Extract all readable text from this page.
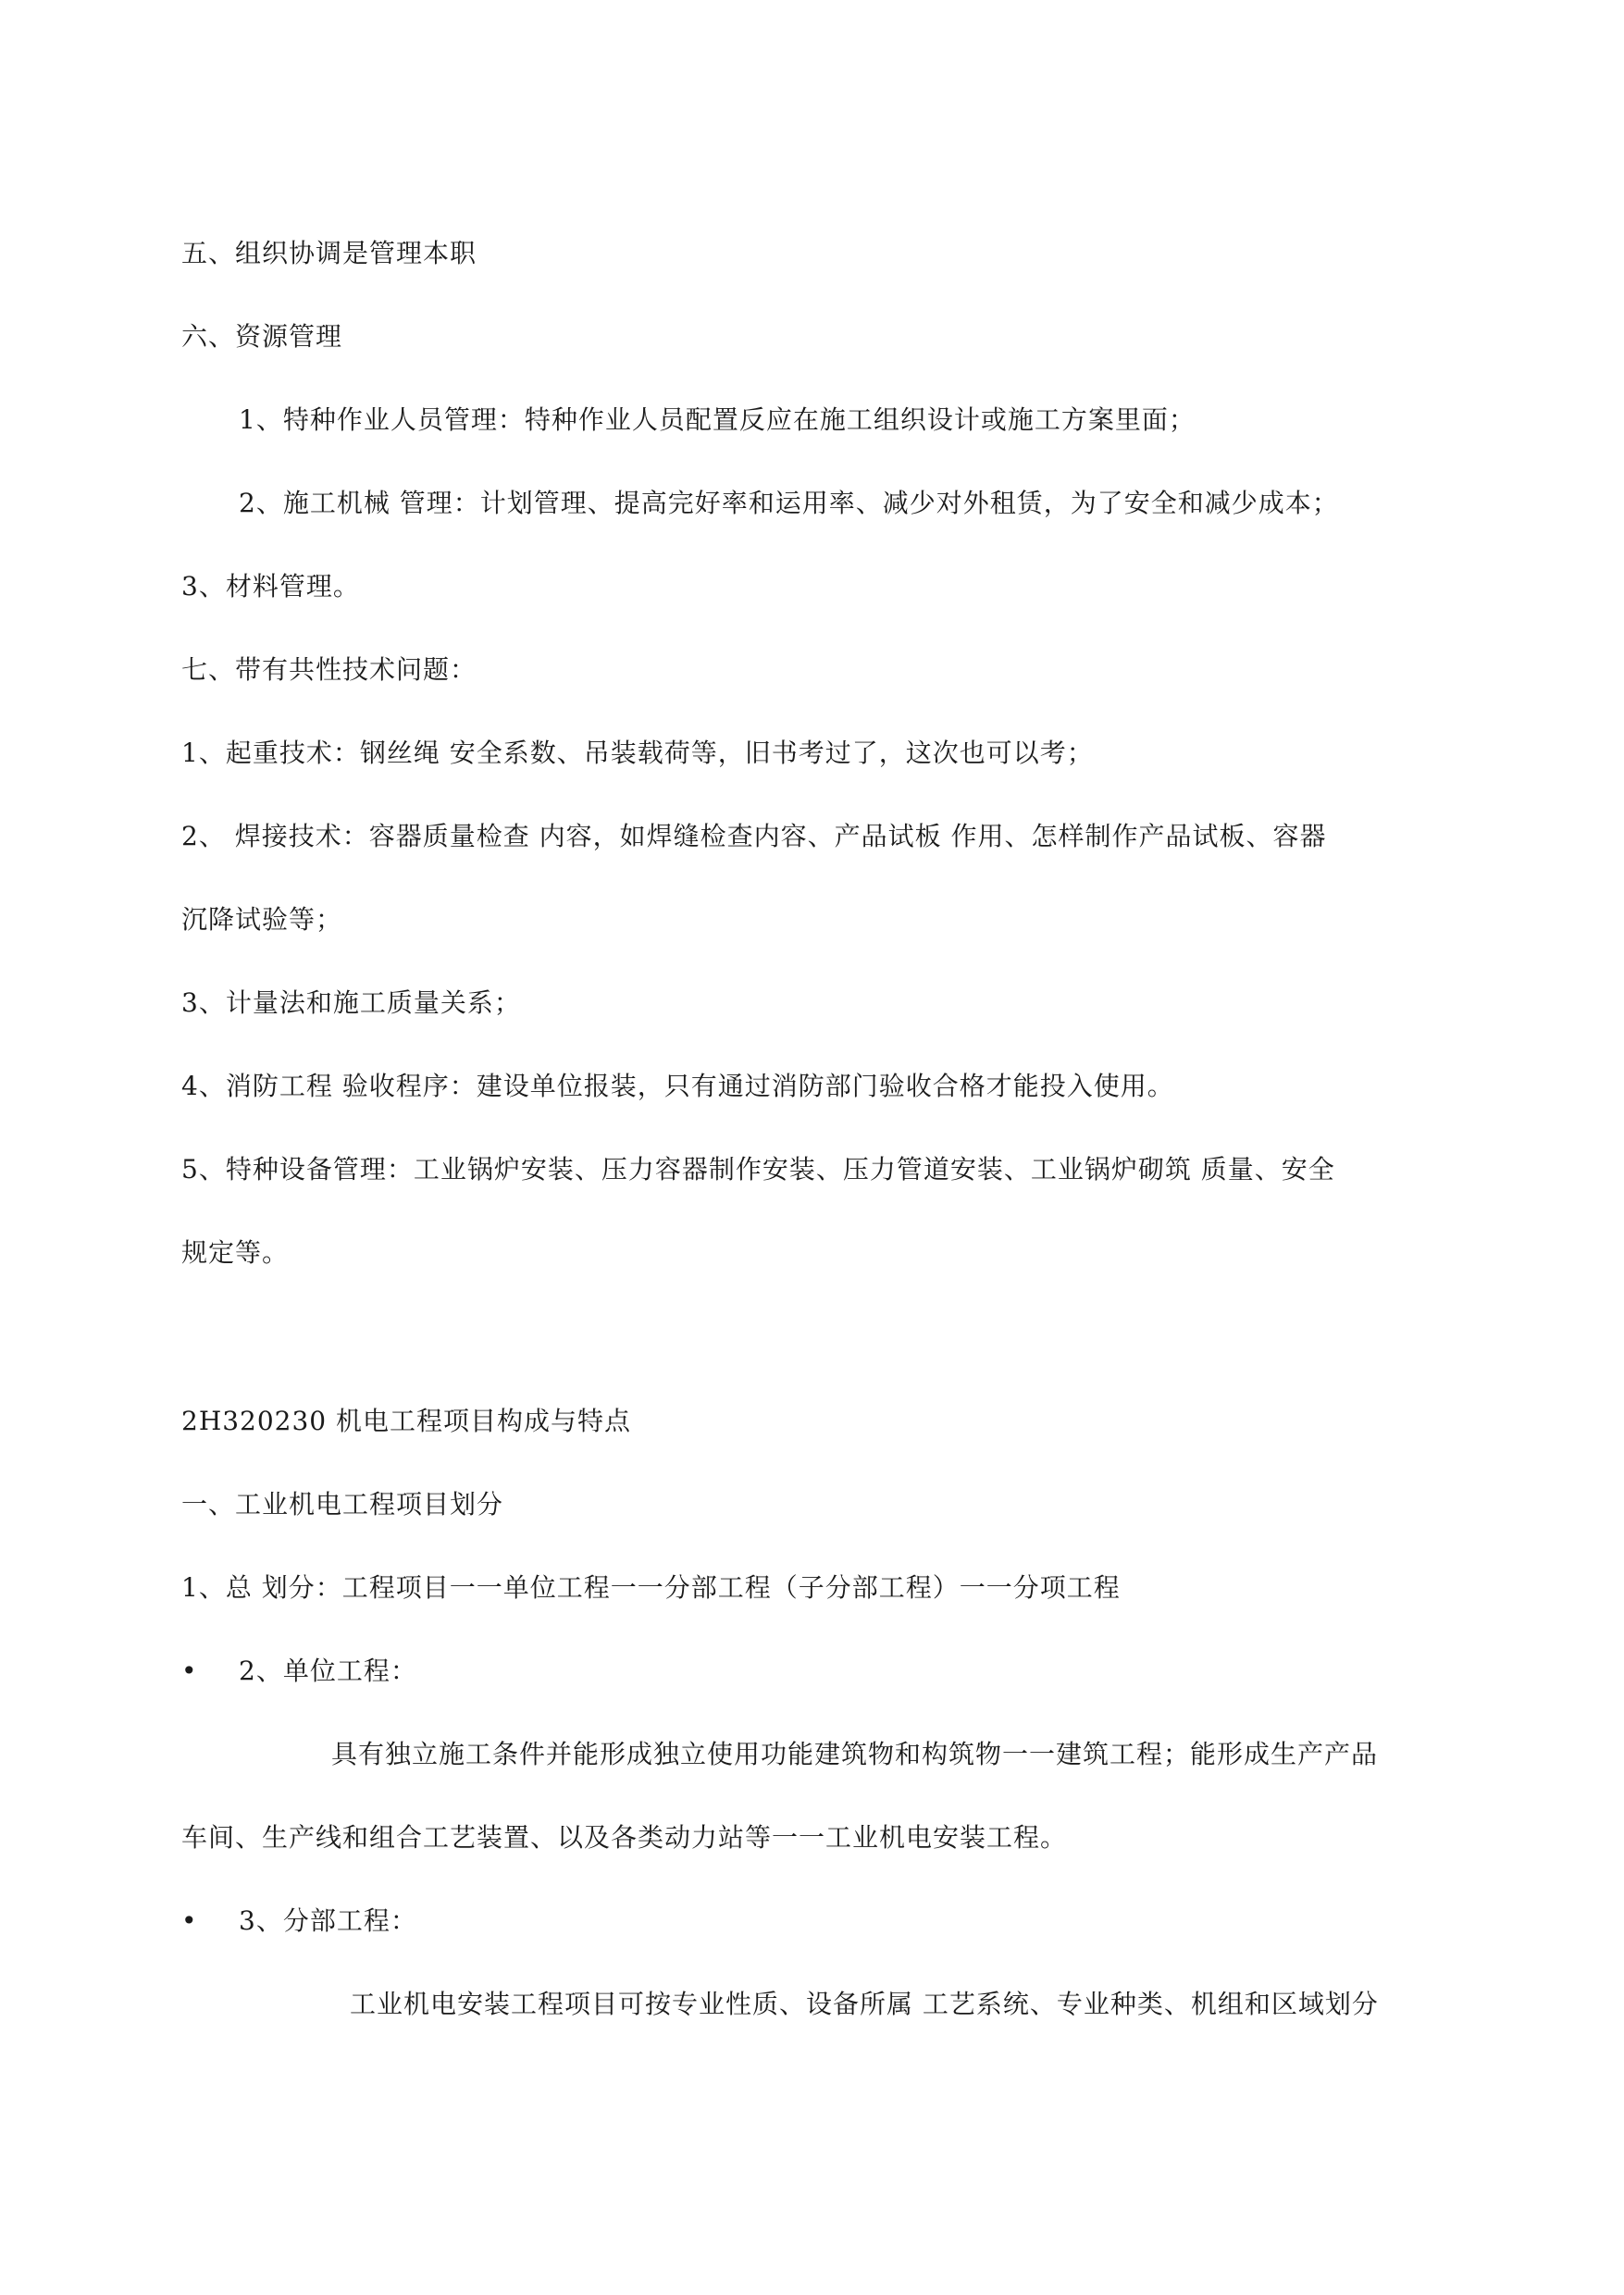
五、组织协调是管理本职
六、资源管理
1、特种作业人员管理：特种作业人员配置反应在施工组织设计或施工方案里面；
2、施工机械 管理：计划管理、提高完好率和运用率、减少对外租赁，为了安全和减少成本；
3、材料管理。
七、带有共性技术问题：
1、起重技术：钢丝绳 安全系数、吊装载荷等，旧书考过了，这次也可以考；
2、 焊接技术：容器质量检查 内容，如焊缝检查内容、产品试板 作用、怎样制作产品试板、容器
沉降试验等；
3、计量法和施工质量关系；
4、消防工程 验收程序：建设单位报装，只有通过消防部门验收合格才能投入使用。
5、特种设备管理：工业锅炉安装、压力容器制作安装、压力管道安装、工业锅炉砌筑 质量、安全
规定等。
2H320230 机电工程项目构成与特点
一、工业机电工程项目划分
1、总 划分：工程项目一一单位工程一一分部工程（子分部工程）一一分项工程
• 2、单位工程：
具有独立施工条件并能形成独立使用功能建筑物和构筑物一一建筑工程；能形成生产产品
车间、生产线和组合工艺装置、以及各类动力站等一一工业机电安装工程。
• 3、分部工程：
工业机电安装工程项目可按专业性质、设备所属 工艺系统、专业种类、机组和区域划分
